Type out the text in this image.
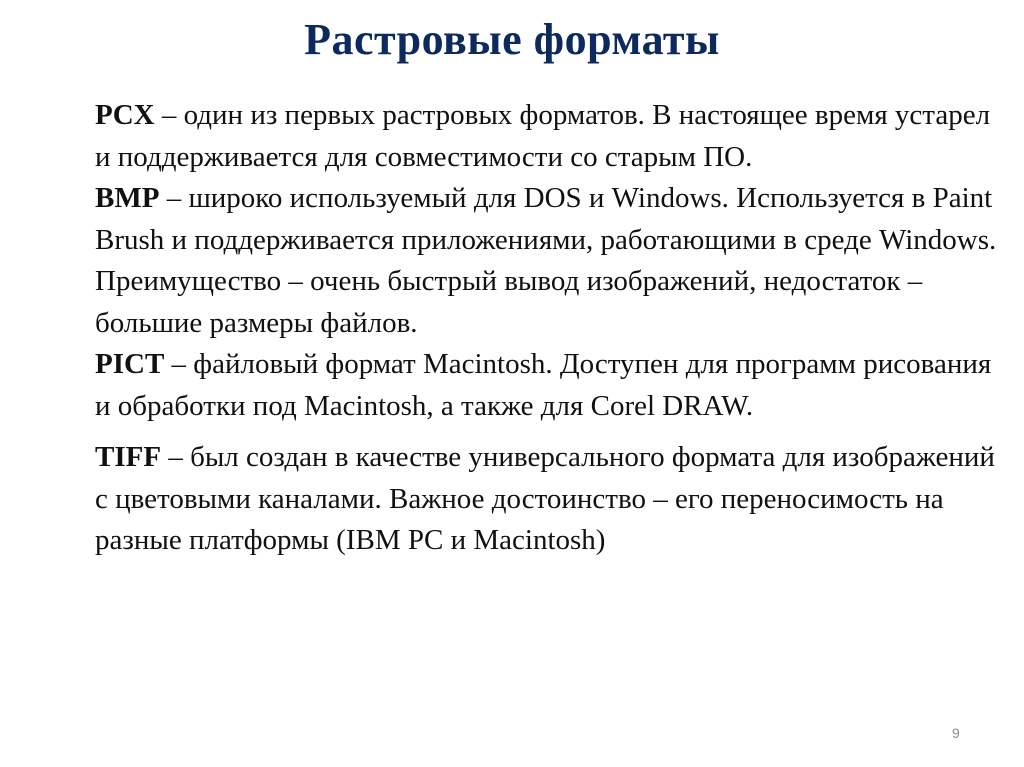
Растровые форматы

PCX – один из первых растровых форматов. В настоящее время устарел и поддерживается для совместимости со старым ПО.

BMP – широко используемый для DOS и Windows. Используется в Paint Brush и поддерживается приложениями, работающими в среде Windows. Преимущество – очень быстрый вывод изображений, недостаток – большие размеры файлов.

PICT – файловый формат Macintosh. Доступен для программ рисования и обработки под Macintosh, а также для Corel DRAW.

TIFF – был создан в качестве универсального формата для изображений с цветовыми каналами. Важное достоинство – его переносимость на разные платформы (IBM PC и Macintosh)

9
